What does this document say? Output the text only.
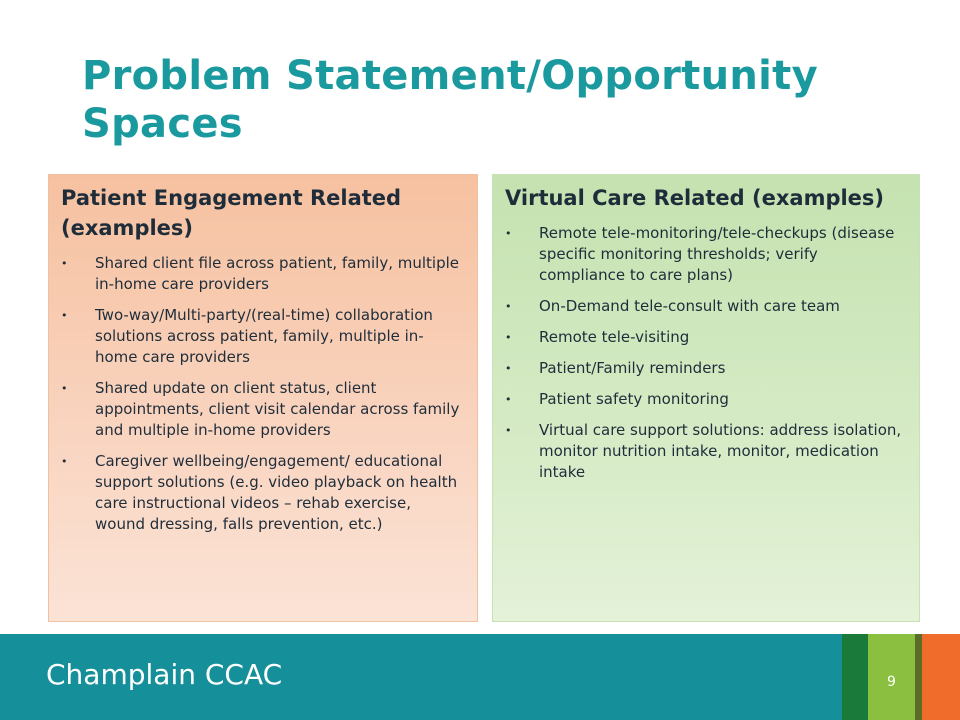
Problem Statement/Opportunity Spaces
Patient Engagement Related (examples)
•	Shared client file across patient, family, multiple in-home care providers
•	Two-way/Multi-party/(real-time) collaboration solutions across patient, family, multiple in-home care providers
•	Shared update on client status, client appointments, client visit calendar across family and multiple in-home providers
•	Caregiver wellbeing/engagement/ educational support solutions (e.g. video playback on health care instructional videos – rehab exercise, wound dressing, falls prevention, etc.)
Virtual Care Related (examples)
•	Remote tele-monitoring/tele-checkups (disease specific monitoring thresholds; verify compliance to care plans)
•	On-Demand tele-consult with care team
•	Remote tele-visiting
•	Patient/Family reminders
•	Patient safety monitoring
•	Virtual care support solutions: address isolation, monitor nutrition intake, monitor, medication intake
Champlain CCAC	9
